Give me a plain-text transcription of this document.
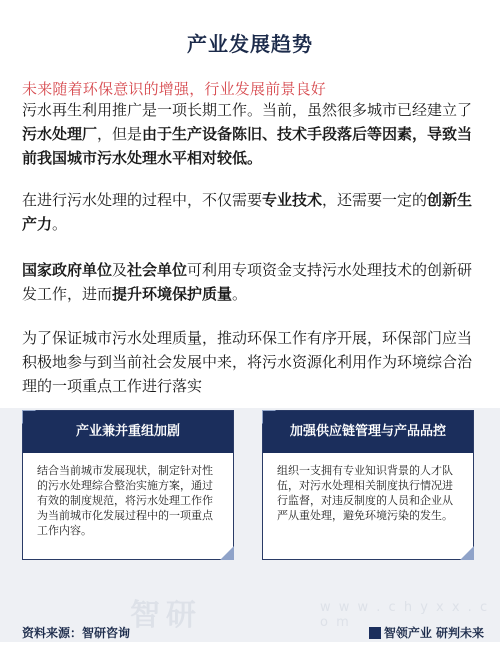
产业发展趋势
未来随着环保意识的增强，行业发展前景良好
污水再生利用推广是一项长期工作。当前，虽然很多城市已经建立了污水处理厂，但是由于生产设备陈旧、技术手段落后等因素，导致当前我国城市污水处理水平相对较低。
在进行污水处理的过程中，不仅需要专业技术，还需要一定的创新生产力。
国家政府单位及社会单位可利用专项资金支持污水处理技术的创新研发工作，进而提升环境保护质量。
为了保证城市污水处理质量，推动环保工作有序开展，环保部门应当积极地参与到当前社会发展中来，将污水资源化利用作为环境综合治理的一项重点工作进行落实
产业兼并重组加剧
结合当前城市发展现状，制定针对性的污水处理综合整治实施方案，通过有效的制度规范，将污水处理工作作为当前城市化发展过程中的一项重点工作内容。
加强供应链管理与产品品控
组织一支拥有专业知识背景的人才队伍，对污水处理相关制度执行情况进行监督，对违反制度的人员和企业从严从重处理，避免环境污染的发生。
智研	w w w . c h y x x . c o m
资料来源：智研咨询	智领产业 研判未来
